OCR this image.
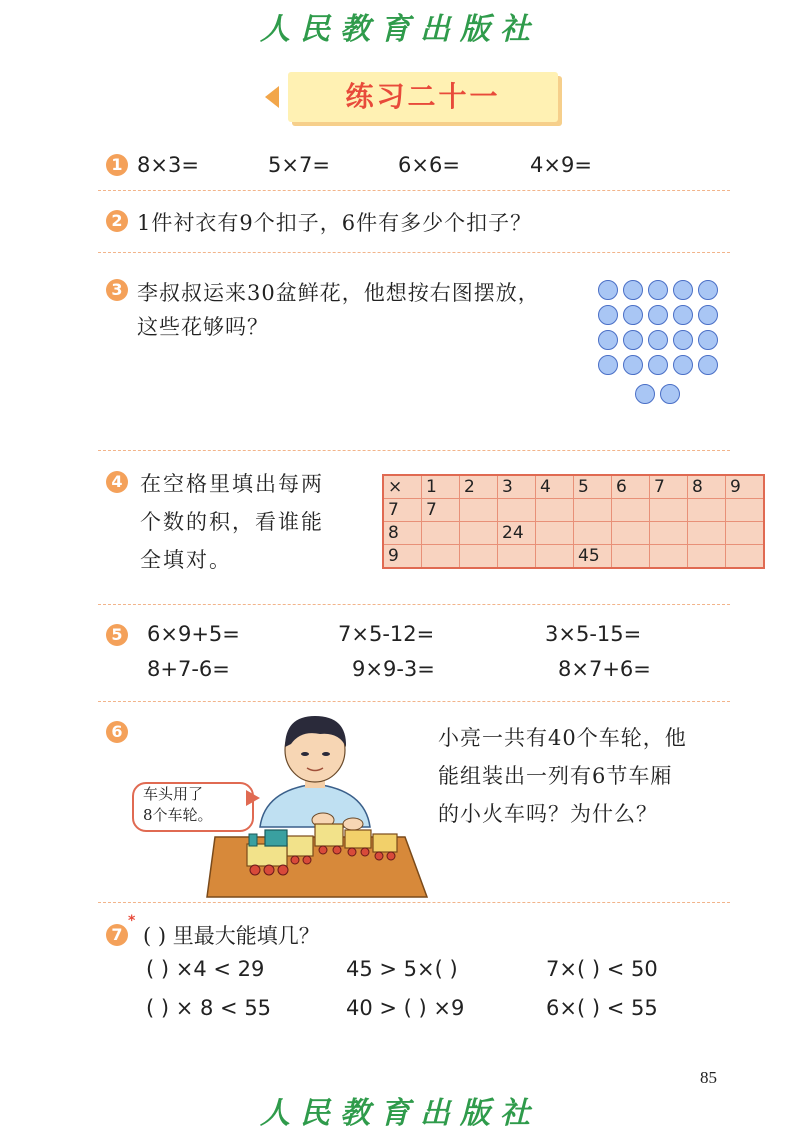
人民教育出版社
练习二十一
1 8×3=	5×7=	6×6=	4×9=
2 1件衬衣有9个扣子，6件有多少个扣子？
3 李叔叔运来30盆鲜花，他想按右图摆放，
这些花够吗？
4 在空格里填出每两
个数的积，看谁能
全填对。
×	1	2	3	4	5	6	7	8	9
7	7								
8			24						
9					45				
5 6×9+5=	7×5-12=	3×5-15=
8+7-6=	9×9-3=	8×7+6=
6
车头用了
8个车轮。
小亮一共有40个车轮，他
能组装出一列有6节车厢
的小火车吗？为什么？
7
*
( ) 里最大能填几？
( ) ×4 < 29	45 > 5×( )	7×( ) < 50
( ) × 8 < 55	40 > ( ) ×9	6×( ) < 55
85
人民教育出版社
